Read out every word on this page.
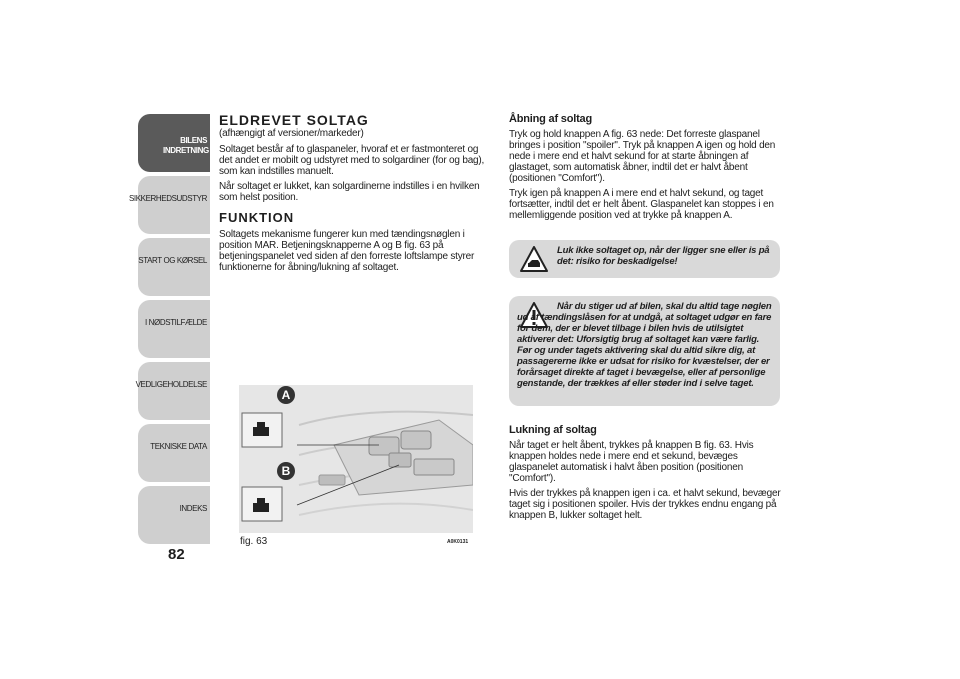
BILENS INDRETNING
SIKKERHEDSUDSTYR
START OG KØRSEL
I NØDSTILFÆLDE
VEDLIGEHOLDELSE
TEKNISKE DATA
INDEKS
82
ELDREVET SOLTAG

(afhængigt af versioner/markeder)

Soltaget består af to glaspaneler, hvoraf et er fastmonteret og det andet er mobilt og udstyret med to solgardiner (for og bag), som kan indstilles manuelt.

Når soltaget er lukket, kan solgardinerne indstilles i en hvilken som helst position.

FUNKTION

Soltagets mekanisme fungerer kun med tændingsnøglen i position MAR. Betjeningsknapperne A og B fig. 63 på betjeningspanelet ved siden af den forreste loftslampe styrer funktionerne for åbning/lukning af soltaget.

A
B
fig. 63	A0K0131
Åbning af soltag

Tryk og hold knappen A fig. 63 nede: Det forreste glaspanel bringes i position "spoiler". Tryk på knappen A igen og hold den nede i mere end et halvt sekund for at starte åbningen af glastaget, som automatisk åbner, indtil det er halvt åbent (positionen "Comfort").

Tryk igen på knappen A i mere end et halvt sekund, og taget fortsætter, indtil det er helt åbent. Glaspanelet kan stoppes i en mellemliggende position ved at trykke på knappen A.

Luk ikke soltaget op, når der ligger sne eller is på det: risiko for beskadigelse!
Når du stiger ud af bilen, skal du altid tage nøglen ud af tændingslåsen for at undgå, at soltaget udgør en fare for dem, der er blevet tilbage i bilen hvis de utilsigtet aktiverer det: Uforsigtig brug af soltaget kan være farlig. Før og under tagets aktivering skal du altid sikre dig, at passagererne ikke er udsat for risiko for kvæstelser, der er forårsaget direkte af taget i bevægelse, eller af personlige genstande, der trækkes af eller støder ind i selve taget.
Lukning af soltag

Når taget er helt åbent, trykkes på knappen B fig. 63. Hvis knappen holdes nede i mere end et sekund, bevæges glaspanelet automatisk i halvt åben position (positionen "Comfort").

Hvis der trykkes på knappen igen i ca. et halvt sekund, bevæger taget sig i positionen spoiler. Hvis der trykkes endnu engang på knappen B, lukker soltaget helt.
